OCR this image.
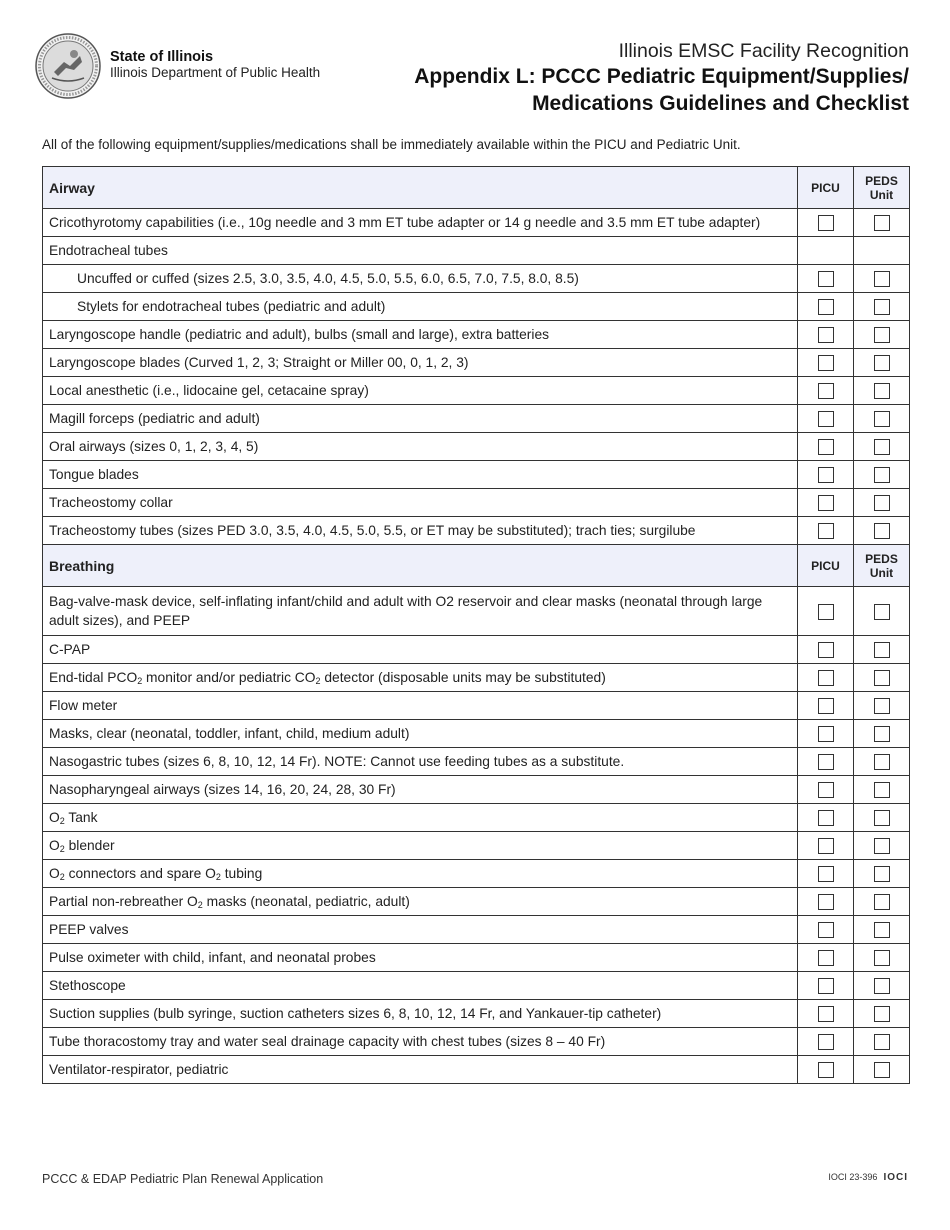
State of Illinois
Illinois Department of Public Health
Illinois EMSC Facility Recognition
Appendix L: PCCC Pediatric Equipment/Supplies/
Medications Guidelines and Checklist
All of the following equipment/supplies/medications shall be immediately available within the PICU and Pediatric Unit.
Airway	PICU	PEDS
Unit

Cricothyrotomy capabilities (i.e., 10g needle and 3 mm ET tube adapter or 14 g needle and 3.5 mm ET tube adapter)		
Endotracheal tubes		
Uncuffed or cuffed (sizes 2.5, 3.0, 3.5, 4.0, 4.5, 5.0, 5.5, 6.0, 6.5, 7.0, 7.5, 8.0, 8.5)		
Stylets for endotracheal tubes (pediatric and adult)		
Laryngoscope handle (pediatric and adult), bulbs (small and large), extra batteries		
Laryngoscope blades (Curved 1, 2, 3; Straight or Miller 00, 0, 1, 2, 3)		
Local anesthetic (i.e., lidocaine gel, cetacaine spray)		
Magill forceps (pediatric and adult)		
Oral airways (sizes 0, 1, 2, 3, 4, 5)		
Tongue blades		
Tracheostomy collar		
Tracheostomy tubes (sizes PED 3.0, 3.5, 4.0, 4.5, 5.0, 5.5, or ET may be substituted); trach ties; surgilube		
Breathing	PICU	PEDS
Unit

Bag-valve-mask device, self-inflating infant/child and adult with O2 reservoir and clear masks (neonatal through large adult sizes), and PEEP		
C-PAP		
End-tidal $PCO_2$ monitor and/or pediatric $CO_2$ detector (disposable units may be substituted)		
Flow meter		
Masks, clear (neonatal, toddler, infant, child, medium adult)		
Nasogastric tubes (sizes 6, 8, 10, 12, 14 Fr). NOTE: Cannot use feeding tubes as a substitute.		
Nasopharyngeal airways (sizes 14, 16, 20, 24, 28, 30 Fr)		
$O_2$ Tank		
$O_2$ blender		
$O_2$ connectors and spare $O_2$ tubing		
Partial non-rebreather $O_2$ masks (neonatal, pediatric, adult)		
PEEP valves		
Pulse oximeter with child, infant, and neonatal probes		
Stethoscope		
Suction supplies (bulb syringe, suction catheters sizes 6, 8, 10, 12, 14 Fr, and Yankauer-tip catheter)		
Tube thoracostomy tray and water seal drainage capacity with chest tubes (sizes 8 – 40 Fr)		
Ventilator-respirator, pediatric		
PCCC & EDAP Pediatric Plan Renewal Application	IOCI 23-396 IOCI
